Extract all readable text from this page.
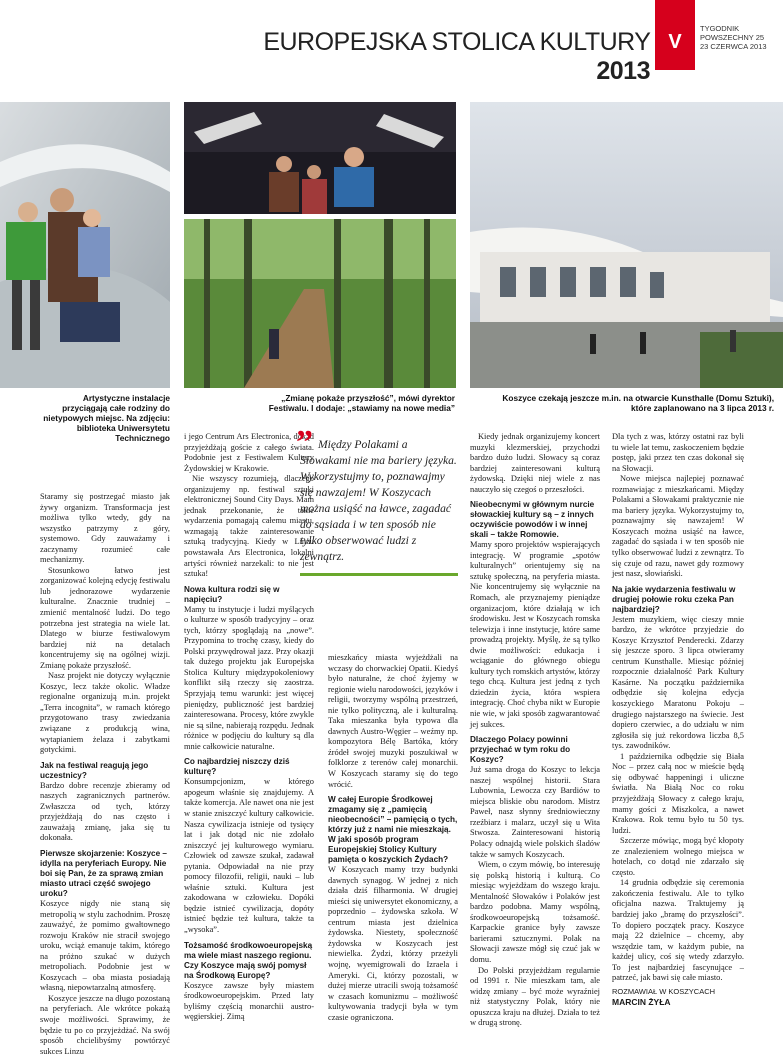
EUROPEJSKA STOLICA KULTURY 2013
V
TYGODNIK
POWSZECHNY 25
23 CZERWCA 2013
Artystyczne instalacje przyciągają całe rodziny do nietypowych miejsc. Na zdjęciu: biblioteka Uniwersytetu Technicznego
„Zmianę pokaże przyszłość”, mówi dyrektor Festiwalu. I dodaje: „stawiamy na nowe media”
Koszyce czekają jeszcze m.in. na otwarcie Kunsthalle (Domu Sztuki), które zaplanowano na 3 lipca 2013 r.

Staramy się postrzegać miasto jak żywy organizm. Transformacja jest możliwa tylko wtedy, gdy na wszystko patrzymy z góry, systemowo. Gdy zauważamy i zaczynamy rozumieć całe mechanizmy.

Stosunkowo łatwo jest zorganizować kolejną edycję festiwalu lub jednorazowe wydarzenie kulturalne. Znacznie trudniej – zmienić mentalność ludzi. Do tego potrzebna jest strategia na wiele lat. Dlatego w biurze festiwalowym bardziej niż na detalach koncentrujemy się na ogólnej wizji. Zmianę pokaże przyszłość.

Nasz projekt nie dotyczy wyłącznie Koszyc, lecz także okolic. Władze regionalne organizują m.in. projekt „Terra incognita”, w ramach którego przygotowano trasy zwiedzania związane z produkcją wina, wytapianiem żelaza i zabytkami gotyckimi.

Jak na festiwal reagują jego uczestnicy?

Bardzo dobre recenzje zbieramy od naszych zagranicznych partnerów. Zwłaszcza od tych, którzy przyjeżdżają do nas często i zauważają zmianę, jaka się tu dokonała.

Pierwsze skojarzenie: Koszyce – idylla na peryferiach Europy. Nie boi się Pan, że za sprawą zmian miasto utraci część swojego uroku?

Koszyce nigdy nie staną się metropolią w stylu zachodnim. Proszę zauważyć, że pomimo gwałtownego rozwoju Kraków nie stracił swojego uroku, wciąż emanuje takim, którego na próżno szukać w dużych metropoliach. Podobnie jest w Koszycach – oba miasta posiadają własną, niepowtarzalną atmosferę.

Koszyce jeszcze na długo pozostaną na peryferiach. Ale wkrótce pokażą swoje możliwości. Sprawimy, że będzie tu po co przyjeżdżać. Na swój sposób chcielibyśmy powtórzyć sukces Linzu

i jego Centrum Ars Electronica, dokąd przyjeżdżają goście z całego świata. Podobnie jest z Festiwalem Kultury Żydowskiej w Krakowie.

Nie wszyscy rozumieją, dlaczego organizujemy np. festiwal sztuki elektronicznej Sound City Days. Mam jednak przekonanie, że takie wydarzenia pomagają całemu miastu, wzmagają także zainteresowanie sztuką tradycyjną. Kiedy w Linzu powstawała Ars Electronica, lokalni artyści również narzekali: to nie jest sztuka!

Nowa kultura rodzi się w napięciu?

Mamy tu instytucje i ludzi myślących o kulturze w sposób tradycyjny – oraz tych, którzy spoglądają na „nowe”. Przypomina to trochę czasy, kiedy do Polski przywędrował jazz. Przy okazji tak dużego projektu jak Europejska Stolica Kultury międzypokoleniowy konflikt siłą rzeczy się zaostrza. Sprzyjają temu warunki: jest więcej pieniędzy, publiczność jest bardziej zainteresowana. Procesy, które zwykle nie są silne, nabierają rozpędu. Jednak różnice w podjęciu do kultury są dla mnie całkowicie naturalne.

Co najbardziej niszczy dziś kulturę?

Konsumpcjonizm, w którego apogeum właśnie się znajdujemy. A także komercja. Ale nawet ona nie jest w stanie zniszczyć kultury całkowicie. Nasza cywilizacja istnieje od tysięcy lat i jak dotąd nic nie zdołało zniszczyć jej kulturowego wymiaru. Człowiek od zawsze szukał, zadawał pytania. Odpowiadał na nie przy pomocy filozofii, religii, nauki – lub właśnie sztuki. Kultura jest zakodowana w człowieku. Dopóki będzie istnieć cywilizacja, dopóty istnieć będzie też kultura, także ta „wysoka”.

Tożsamość środkowoeuropejską ma wiele miast naszego regionu. Czy Koszyce mają swój pomysł na Środkową Europę?

Koszyce zawsze były miastem środkowoeuropejskim. Przed laty byliśmy częścią monarchii austro-węgierskiej. Zimą

” Między Polakami a Słowakami nie ma bariery języka. Wykorzystujmy to, poznawajmy się nawzajem! W Koszycach można usiąść na ławce, zagadać do sąsiada i w ten sposób nie tylko obserwować ludzi z zewnątrz.

mieszkańcy miasta wyjeżdżali na wczasy do chorwackiej Opatii. Kiedyś było naturalne, że choć żyjemy w regionie wielu narodowości, języków i religii, tworzymy wspólną przestrzeń, nie tylko polityczną, ale i kulturalną. Taka mieszanka była typowa dla dawnych Austro-Węgier – weźmy np. kompozytora Bélę Bartóka, który źródeł swojej muzyki poszukiwał w folklorze z terenów całej monarchii. W Koszycach staramy się do tego wrócić.

W całej Europie Środkowej zmagamy się z „pamięcią nieobecności” – pamięcią o tych, którzy już z nami nie mieszkają. W jaki sposób program Europejskiej Stolicy Kultury pamięta o koszyckich Żydach?

W Koszycach mamy trzy budynki dawnych synagog. W jednej z nich działa dziś filharmonia. W drugiej mieści się uniwersytet ekonomiczny, a poprzednio – żydowska szkoła. W centrum miasta jest dzielnica żydowska. Niestety, społeczność żydowska w Koszycach jest niewielka. Żydzi, którzy przeżyli wojnę, wyemigrowali do Izraela i Ameryki. Ci, którzy pozostali, w dużej mierze utracili swoją tożsamość w czasach komunizmu – możliwość kultywowania tradycji była w tym czasie ograniczona.

Kiedy jednak organizujemy koncert muzyki klezmerskiej, przychodzi bardzo dużo ludzi. Słowacy są coraz bardziej zainteresowani kulturą żydowską. Dzięki niej wiele z nas nauczyło się czegoś o przeszłości.

Nieobecnymi w głównym nurcie słowackiej kultury są – z innych oczywiście powodów i w innej skali – także Romowie.

Mamy sporo projektów wspierających integrację. W programie „spotów kulturalnych” orientujemy się na sztukę społeczną, na peryferia miasta. Nie koncentrujemy się wyłącznie na Romach, ale przyznajemy pieniądze organizacjom, które działają w ich środowisku. Jest w Koszycach romska telewizja i inne instytucje, które same prowadzą projekty. Myślę, że są tylko dwie możliwości: edukacja i wciąganie do głównego obiegu kultury tych romskich artystów, którzy tego chcą. Kultura jest jedną z tych dziedzin życia, która wspiera integrację. Choć chyba nikt w Europie nie wie, w jaki sposób zagwarantować jej sukces.

Dlaczego Polacy powinni przyjechać w tym roku do Koszyc?

Już sama droga do Koszyc to lekcja naszej wspólnej historii. Stara Lubownia, Lewocza czy Bardiów to miejsca bliskie obu narodom. Mistrz Paweł, nasz słynny średniowieczny rzeźbiarz i malarz, uczył się u Wita Stwosza. Zainteresowani historią Polacy odnajdą wiele polskich śladów także w samych Koszycach.

Wiem, o czym mówię, bo interesuję się polską historią i kulturą. Co miesiąc wyjeżdżam do wszego kraju. Mentalność Słowaków i Polaków jest bardzo podobna. Mamy wspólną, środkowoeuropejską tożsamość. Karpackie granice były zawsze barierami sztucznymi. Polak na Słowacji zawsze mógł się czuć jak w domu.

Do Polski przyjeżdżam regularnie od 1991 r. Nie mieszkam tam, ale widzę zmiany – być może wyraźniej niż statystyczny Polak, który nie opuszcza kraju na dłużej. Działa to też w drugą stronę.

Dla tych z was, którzy ostatni raz byli tu wiele lat temu, zaskoczeniem będzie postęp, jaki przez ten czas dokonał się na Słowacji.

Nowe miejsca najlepiej poznawać rozmawiając z mieszkańcami. Między Polakami a Słowakami praktycznie nie ma bariery języka. Wykorzystujmy to, poznawajmy się nawzajem! W Koszycach można usiąść na ławce, zagadać do sąsiada i w ten sposób nie tylko obserwować ludzi z zewnątrz. To się czuje od razu, nawet gdy rozmowy jest nasz, słowiański.

Na jakie wydarzenia festiwalu w drugiej połowie roku czeka Pan najbardziej?

Jestem muzykiem, więc cieszy mnie bardzo, że wkrótce przyjedzie do Koszyc Krzysztof Penderecki. Zdarzy się jeszcze sporo. 3 lipca otwieramy centrum Kunsthalle. Miesiąc później rozpocznie działalność Park Kultury Kasárne. Na początku października odbędzie się kolejna edycja koszyckiego Maratonu Pokoju – drugiego najstarszego na świecie. Jest dopiero czerwiec, a do udziału w nim zgłosiła się już rekordowa liczba 8,5 tys. zawodników.

1 października odbędzie się Biała Noc – przez całą noc w mieście będą się odbywać happeningi i uliczne światła. Na Białą Noc co roku przyjeżdżają Słowacy z całego kraju, mamy gości z Miszkolca, a nawet Krakowa. Rok temu było tu 50 tys. ludzi.

Szczerze mówiąc, mogą być kłopoty ze znalezieniem wolnego miejsca w hotelach, co dotąd nie zdarzało się często.

14 grudnia odbędzie się ceremonia zakończenia festiwalu. Ale to tylko oficjalna nazwa. Traktujemy ją bardziej jako „bramę do przyszłości”. To dopiero początek pracy. Koszyce mają 22 dzielnice – chcemy, aby wszędzie tam, w każdym pubie, na każdej ulicy, coś się wtedy zdarzyło. To jest najbardziej fascynujące – patrzeć, jak bawi się całe miasto.

ROZMAWIAŁ W KOSZYCACH

MARCIN ŻYŁA
